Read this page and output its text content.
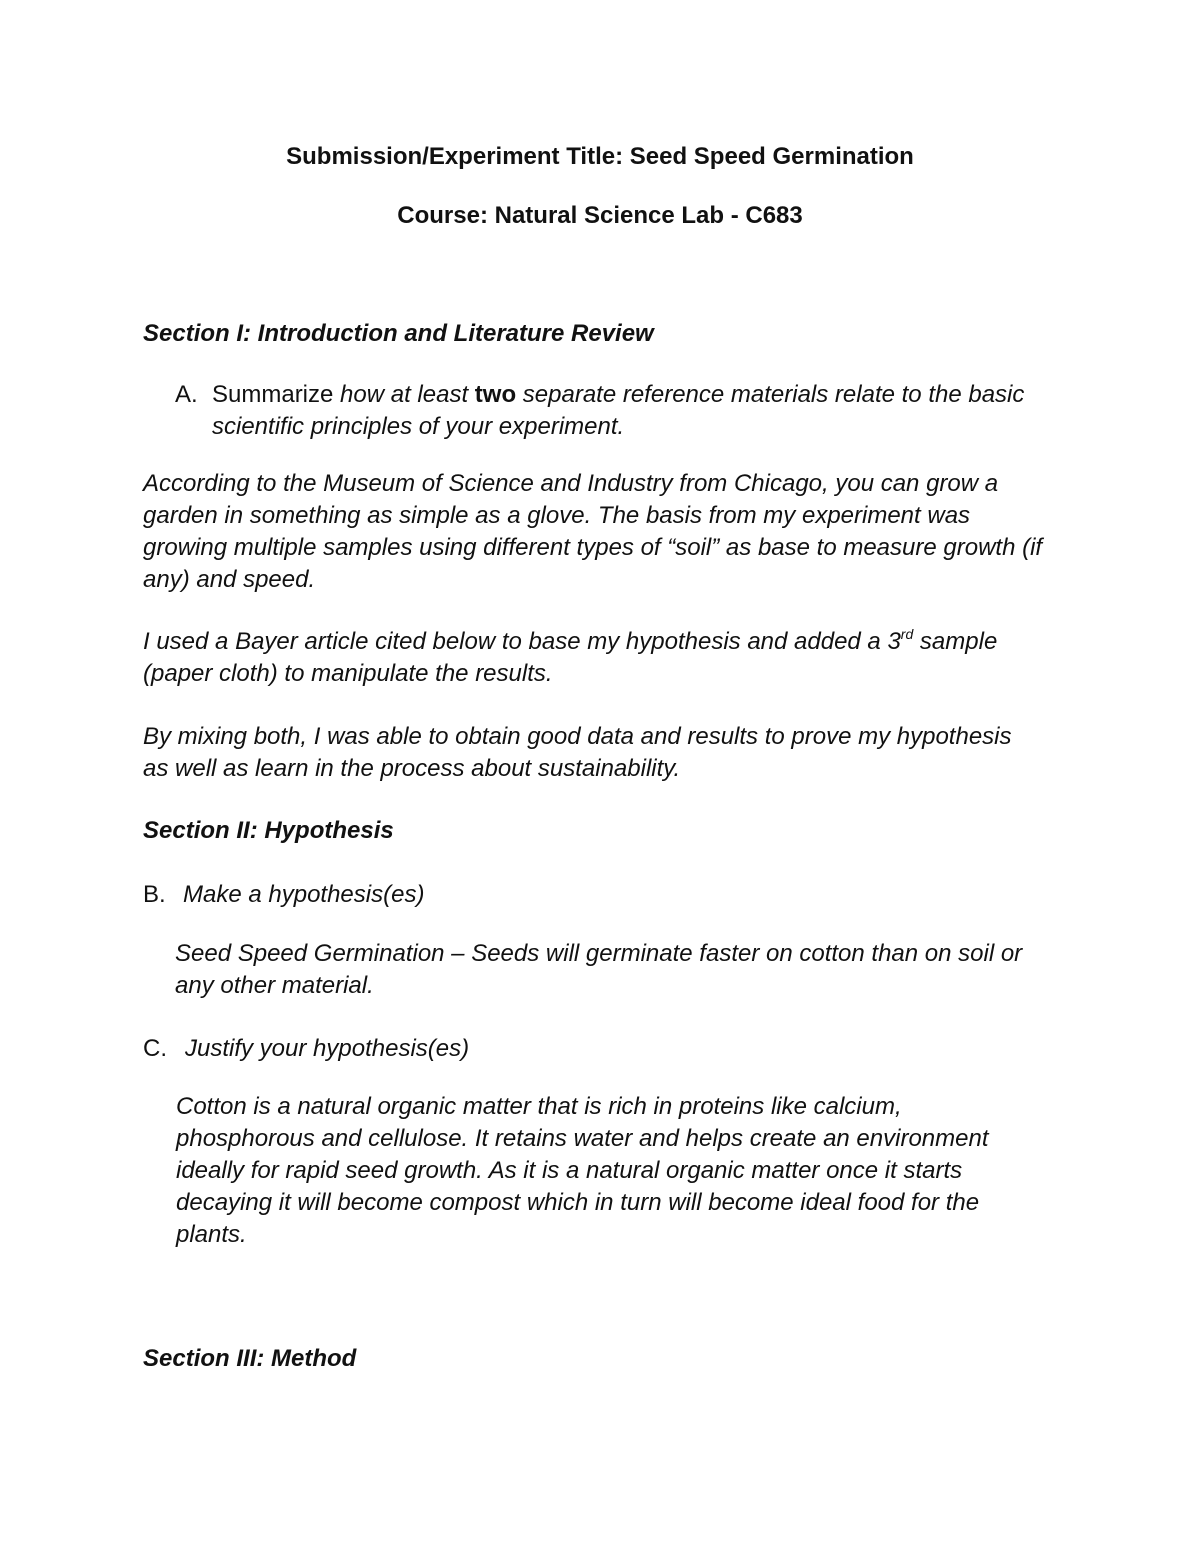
Submission/Experiment Title: Seed Speed Germination

Course: Natural Science Lab - C683

Section I: Introduction and Literature Review

A. Summarize how at least two separate reference materials relate to the basic scientific principles of your experiment.

According to the Museum of Science and Industry from Chicago, you can grow a garden in something as simple as a glove. The basis from my experiment was growing multiple samples using different types of “soil” as base to measure growth (if any) and speed.

I used a Bayer article cited below to base my hypothesis and added a 3rd sample (paper cloth) to manipulate the results.

By mixing both, I was able to obtain good data and results to prove my hypothesis as well as learn in the process about sustainability.

Section II: Hypothesis

B. Make a hypothesis(es)

Seed Speed Germination – Seeds will germinate faster on cotton than on soil or any other material.

C. Justify your hypothesis(es)

Cotton is a natural organic matter that is rich in proteins like calcium, phosphorous and cellulose. It retains water and helps create an environment ideally for rapid seed growth. As it is a natural organic matter once it starts decaying it will become compost which in turn will become ideal food for the plants.

Section III: Method
